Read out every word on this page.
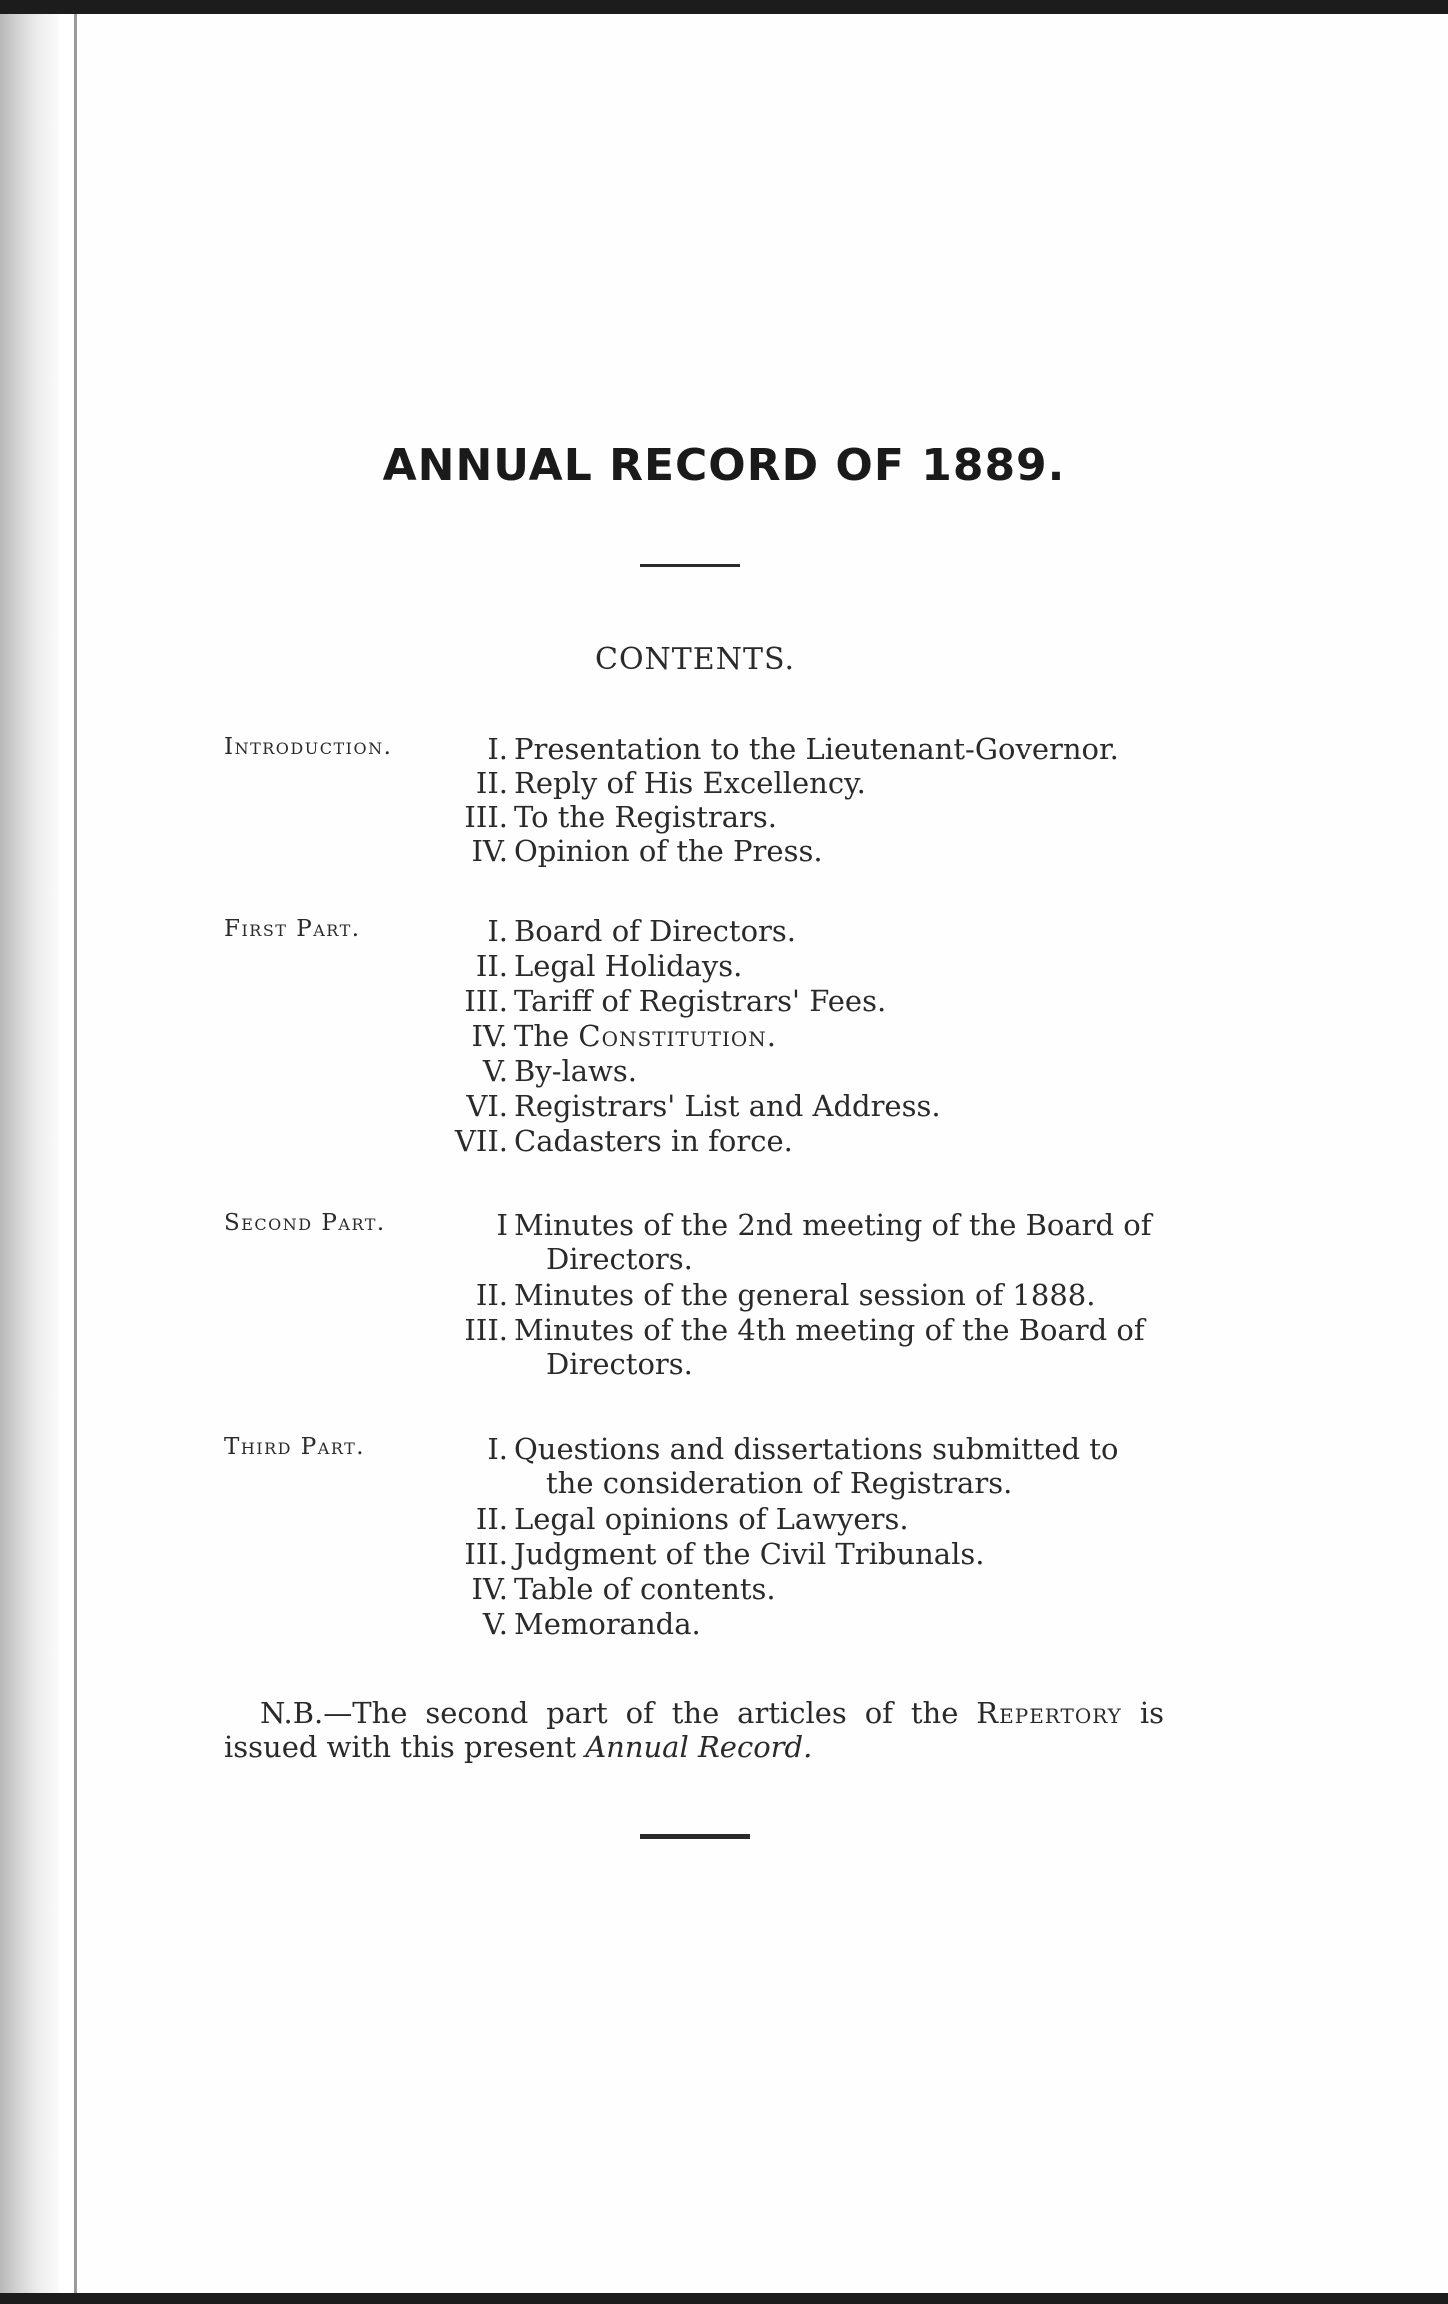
ANNUAL RECORD OF 1889.
CONTENTS.
Introduction.	I. Presentation to the Lieutenant-Governor.
II. Reply of His Excellency.
III. To the Registrars.
IV. Opinion of the Press.
First Part.	I. Board of Directors.
II. Legal Holidays.
III. Tariff of Registrars' Fees.
IV. The Constitution.
V. By-laws.
VI. Registrars' List and Address.
VII. Cadasters in force.
Second Part.	I Minutes of the 2nd meeting of the Board of
Directors.
II. Minutes of the general session of 1888.
III. Minutes of the 4th meeting of the Board of
Directors.
Third Part.	I. Questions and dissertations submitted to
the consideration of Registrars.
II. Legal opinions of Lawyers.
III. Judgment of the Civil Tribunals.
IV. Table of contents.
V. Memoranda.
N.B.—The second part of the articles of the Repertory is issued with this present Annual Record.
